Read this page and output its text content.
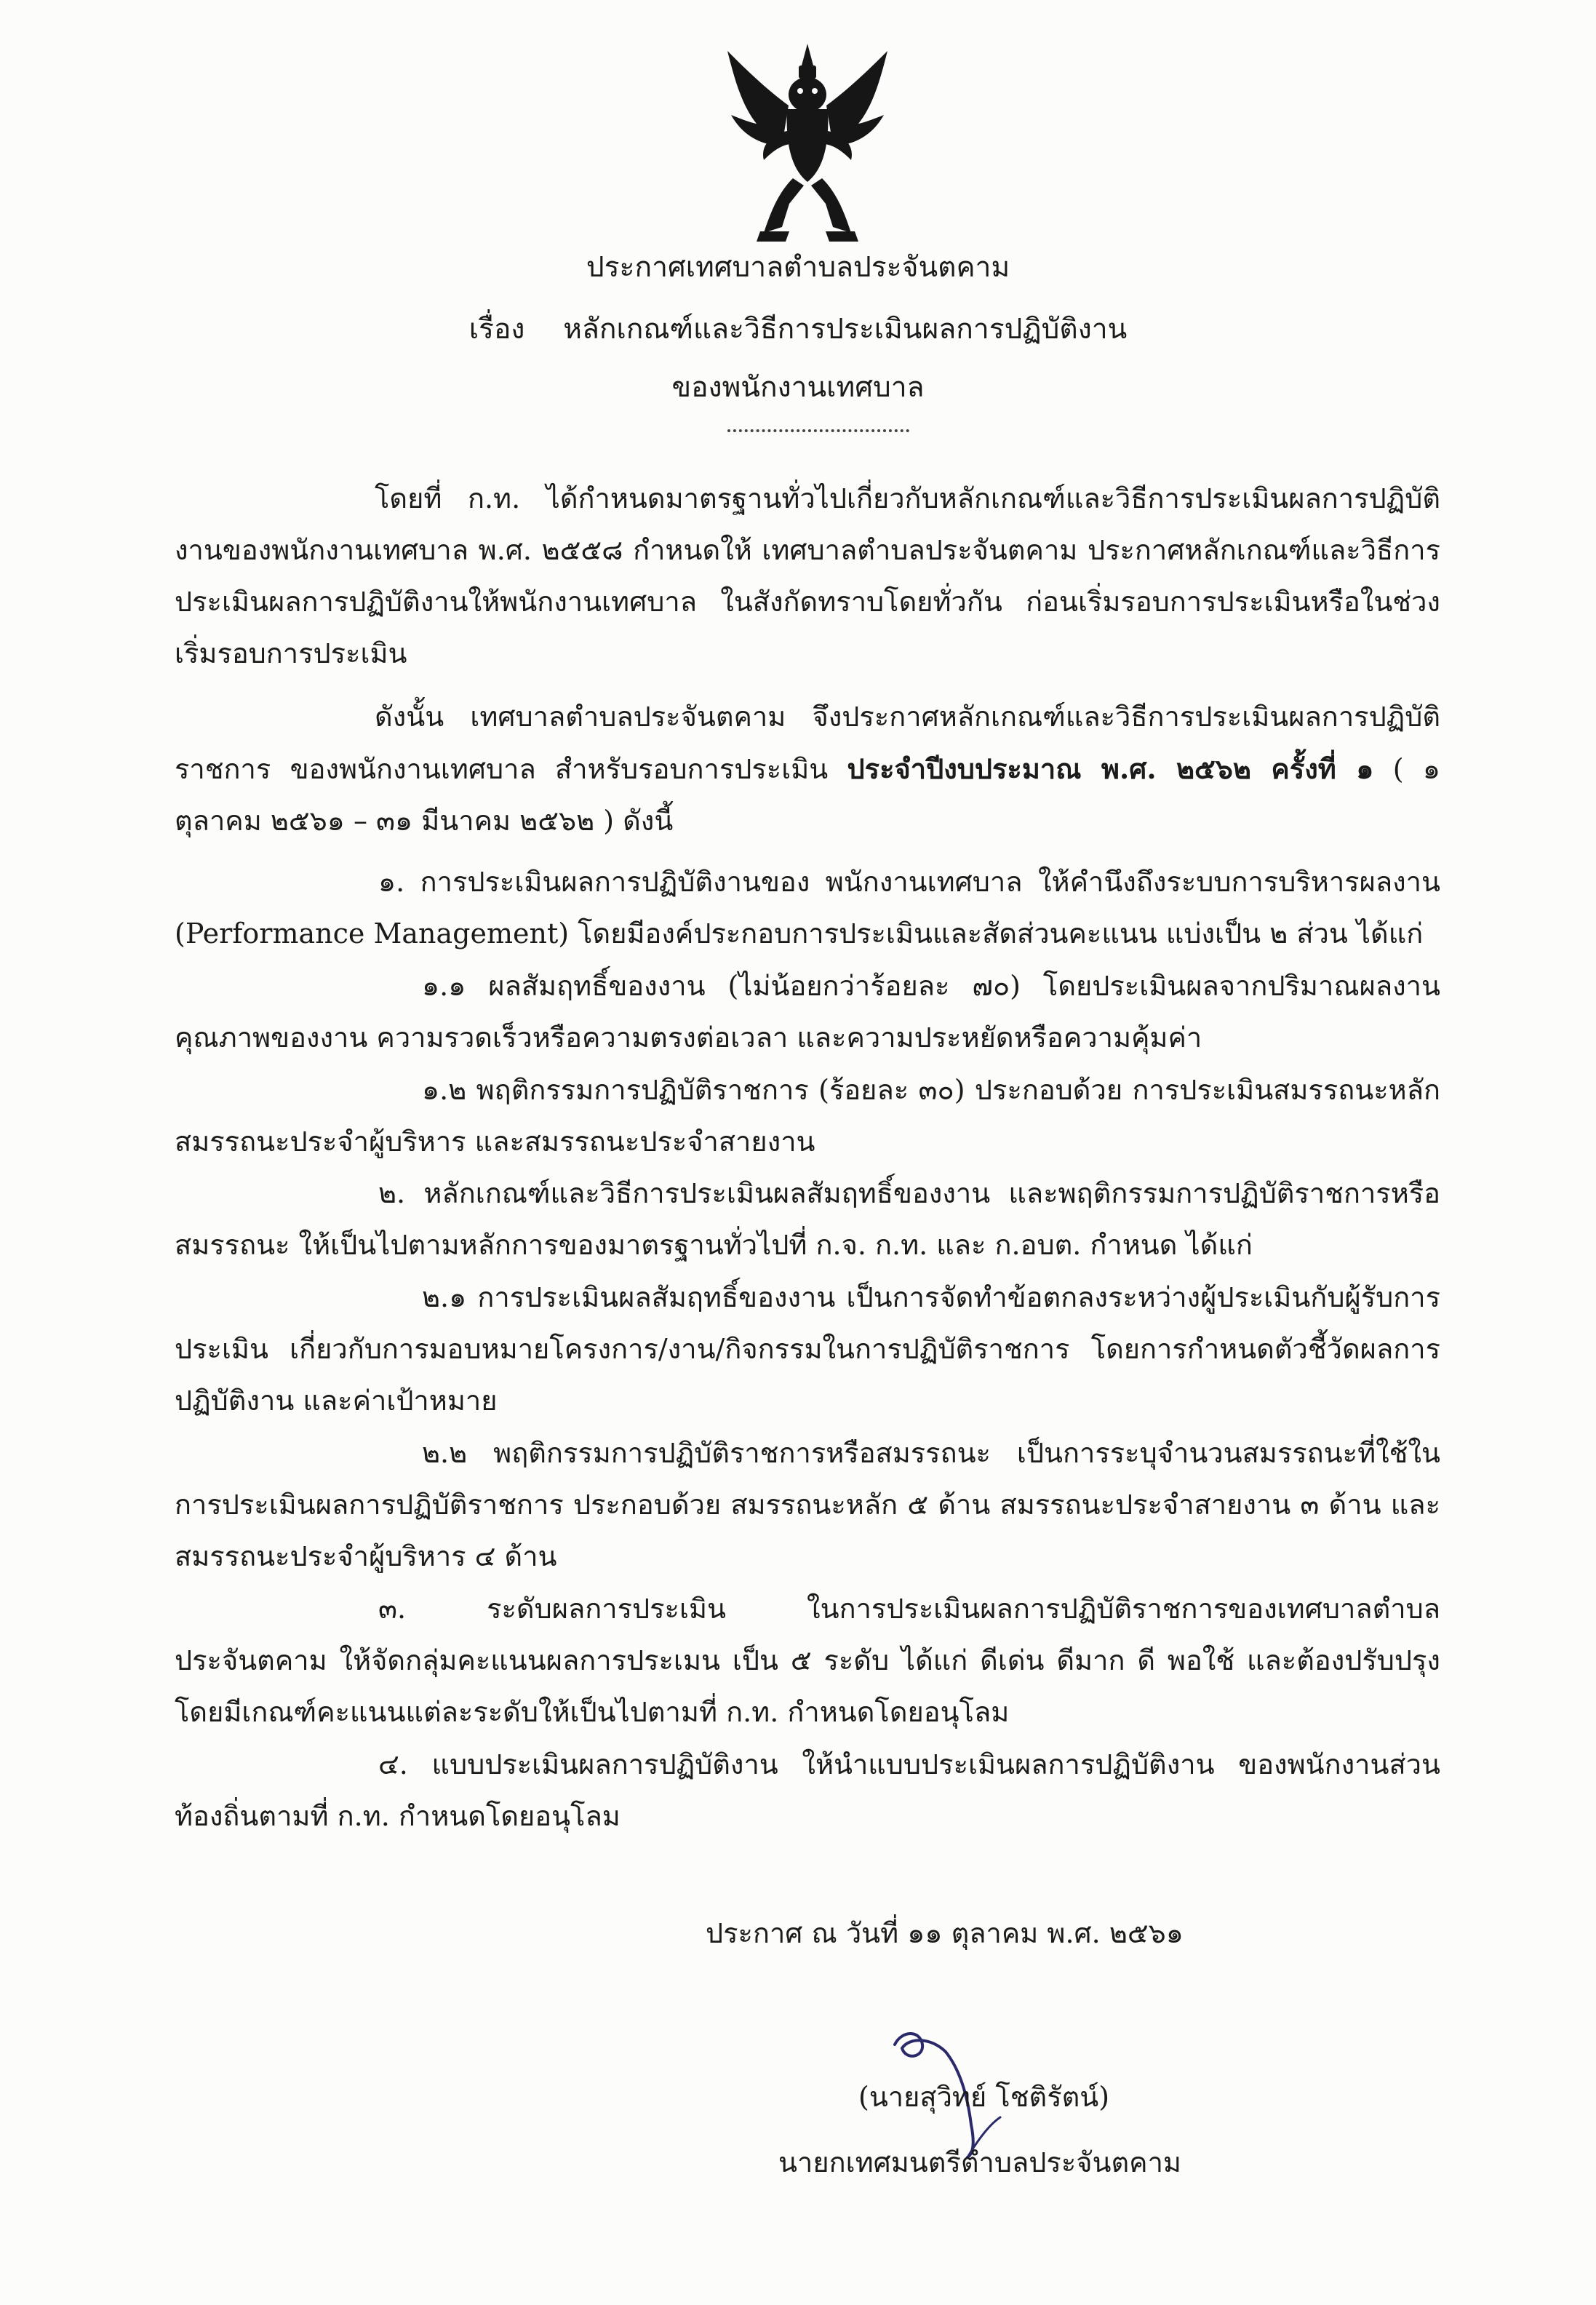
ประกาศเทศบาลตำบลประจันตคาม
เรื่อง หลักเกณฑ์และวิธีการประเมินผลการปฏิบัติงาน
ของพนักงานเทศบาล
โดยที่ ก.ท. ได้กำหนดมาตรฐานทั่วไปเกี่ยวกับหลักเกณฑ์และวิธีการประเมินผลการปฏิบัติงานของพนักงานเทศบาล พ.ศ. ๒๕๕๘ กำหนดให้ เทศบาลตำบลประจันตคาม ประกาศหลักเกณฑ์และวิธีการประเมินผลการปฏิบัติงานให้พนักงานเทศบาล ในสังกัดทราบโดยทั่วกัน ก่อนเริ่มรอบการประเมินหรือในช่วงเริ่มรอบการประเมิน
ดังนั้น เทศบาลตำบลประจันตคาม จึงประกาศหลักเกณฑ์และวิธีการประเมินผลการปฏิบัติราชการ ของพนักงานเทศบาล สำหรับรอบการประเมิน ประจำปีงบประมาณ พ.ศ. ๒๕๖๒ ครั้งที่ ๑ ( ๑ ตุลาคม ๒๕๖๑ – ๓๑ มีนาคม ๒๕๖๒ ) ดังนี้
๑. การประเมินผลการปฏิบัติงานของ พนักงานเทศบาล ให้คำนึงถึงระบบการบริหารผลงาน (Performance Management) โดยมีองค์ประกอบการประเมินและสัดส่วนคะแนน แบ่งเป็น ๒ ส่วน ได้แก่
๑.๑ ผลสัมฤทธิ์ของงาน (ไม่น้อยกว่าร้อยละ ๗๐) โดยประเมินผลจากปริมาณผลงาน คุณภาพของงาน ความรวดเร็วหรือความตรงต่อเวลา และความประหยัดหรือความคุ้มค่า
๑.๒ พฤติกรรมการปฏิบัติราชการ (ร้อยละ ๓๐) ประกอบด้วย การประเมินสมรรถนะหลักสมรรถนะประจำผู้บริหาร และสมรรถนะประจำสายงาน
๒. หลักเกณฑ์และวิธีการประเมินผลสัมฤทธิ์ของงาน และพฤติกรรมการปฏิบัติราชการหรือสมรรถนะ ให้เป็นไปตามหลักการของมาตรฐานทั่วไปที่ ก.จ. ก.ท. และ ก.อบต. กำหนด ได้แก่
๒.๑ การประเมินผลสัมฤทธิ์ของงาน เป็นการจัดทำข้อตกลงระหว่างผู้ประเมินกับผู้รับการประเมิน เกี่ยวกับการมอบหมายโครงการ/งาน/กิจกรรมในการปฏิบัติราชการ โดยการกำหนดตัวชี้วัดผลการปฏิบัติงาน และค่าเป้าหมาย
๒.๒ พฤติกรรมการปฏิบัติราชการหรือสมรรถนะ เป็นการระบุจำนวนสมรรถนะที่ใช้ในการประเมินผลการปฏิบัติราชการ ประกอบด้วย สมรรถนะหลัก ๕ ด้าน สมรรถนะประจำสายงาน ๓ ด้าน และสมรรถนะประจำผู้บริหาร ๔ ด้าน
๓. ระดับผลการประเมิน ในการประเมินผลการปฏิบัติราชการของเทศบาลตำบลประจันตคาม ให้จัดกลุ่มคะแนนผลการประเมน เป็น ๕ ระดับ ได้แก่ ดีเด่น ดีมาก ดี พอใช้ และต้องปรับปรุง โดยมีเกณฑ์คะแนนแต่ละระดับให้เป็นไปตามที่ ก.ท. กำหนดโดยอนุโลม
๔. แบบประเมินผลการปฏิบัติงาน ให้นำแบบประเมินผลการปฏิบัติงาน ของพนักงานส่วนท้องถิ่นตามที่ ก.ท. กำหนดโดยอนุโลม
ประกาศ ณ วันที่ ๑๑ ตุลาคม พ.ศ. ๒๕๖๑
(นายสุวิทย์ โชติรัตน์)
นายกเทศมนตรีตำบลประจันตคาม
